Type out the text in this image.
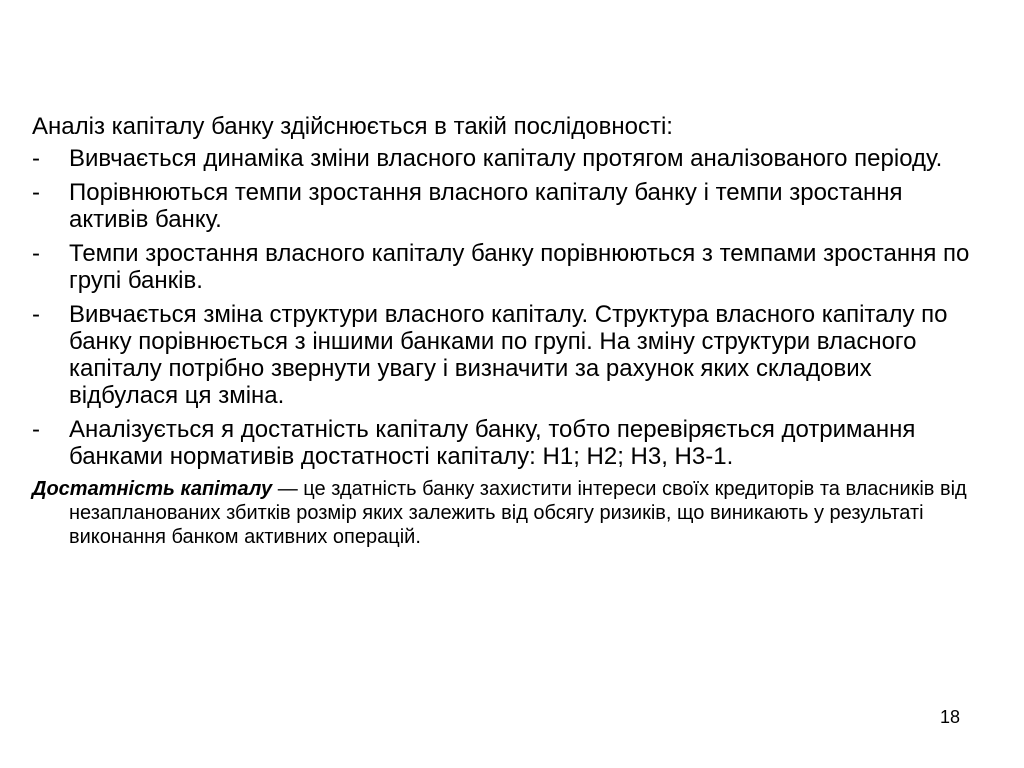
Аналіз капіталу банку здійснюється в такій послідовності:

- Вивчається динаміка зміни власного капіталу протягом аналізованого періоду.
- Порівнюються темпи зростання власного капіталу банку і темпи зростання активів банку.
- Темпи зростання власного капіталу банку порівнюються з темпами зростання по групі банків.
- Вивчається зміна структури власного капіталу. Структура власного капіталу по банку порівнюється з іншими банками по групі. На зміну структури власного капіталу потрібно звернути увагу і визначити за рахунок яких складових відбулася ця зміна.
- Аналізується я достатність капіталу банку, тобто перевіряється дотримання банками нормативів достатності капіталу: Н1; Н2; Н3, Н3-1.

Достатність капіталу — це здатність банку захистити інтереси своїх кредиторів та власників від незапланованих збитків розмір яких залежить від обсягу ризиків, що виникають у результаті виконання банком активних операцій.

18
